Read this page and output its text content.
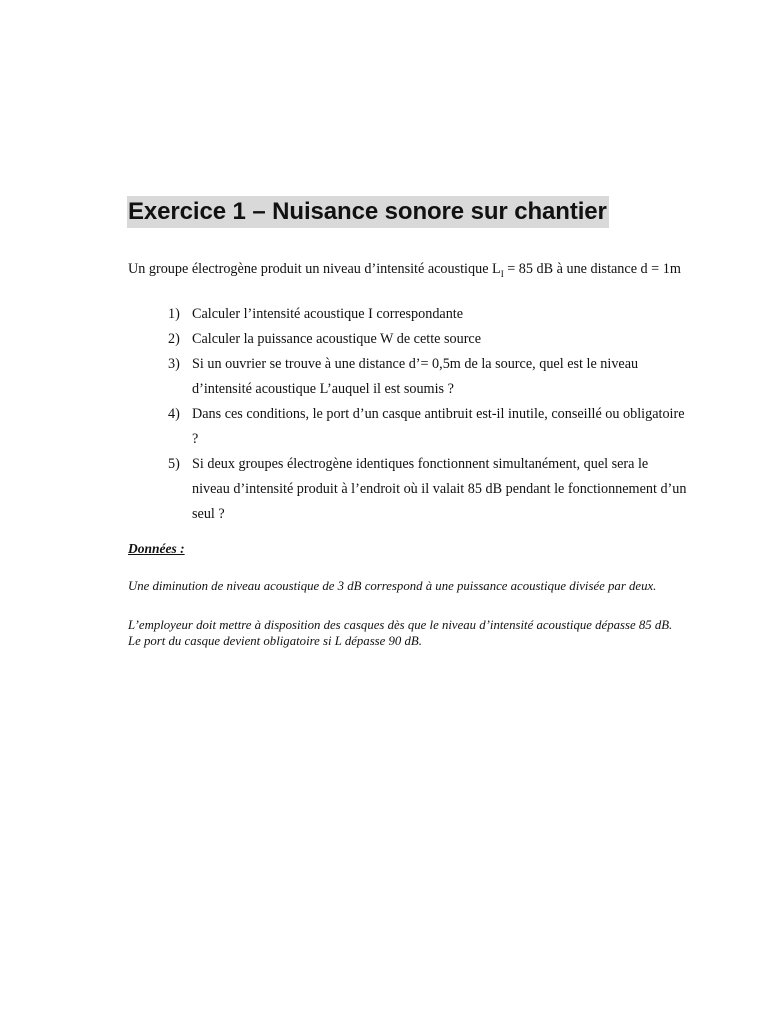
Exercice 1 – Nuisance sonore sur chantier

Un groupe électrogène produit un niveau d’intensité acoustique $L_I = 85$ dB à une distance d = 1m

1) Calculer l’intensité acoustique I correspondante
2) Calculer la puissance acoustique W de cette source
3) Si un ouvrier se trouve à une distance d’= 0,5m de la source, quel est le niveau d’intensité acoustique L’auquel il est soumis ?
4) Dans ces conditions, le port d’un casque antibruit est-il inutile, conseillé ou obligatoire ?
5) Si deux groupes électrogène identiques fonctionnent simultanément, quel sera le niveau d’intensité produit à l’endroit où il valait 85 dB pendant le fonctionnement d’un seul ?
Données :

Une diminution de niveau acoustique de 3 dB correspond à une puissance acoustique divisée par deux.

L’employeur doit mettre à disposition des casques dès que le niveau d’intensité acoustique dépasse 85 dB. Le port du casque devient obligatoire si L dépasse 90 dB.
